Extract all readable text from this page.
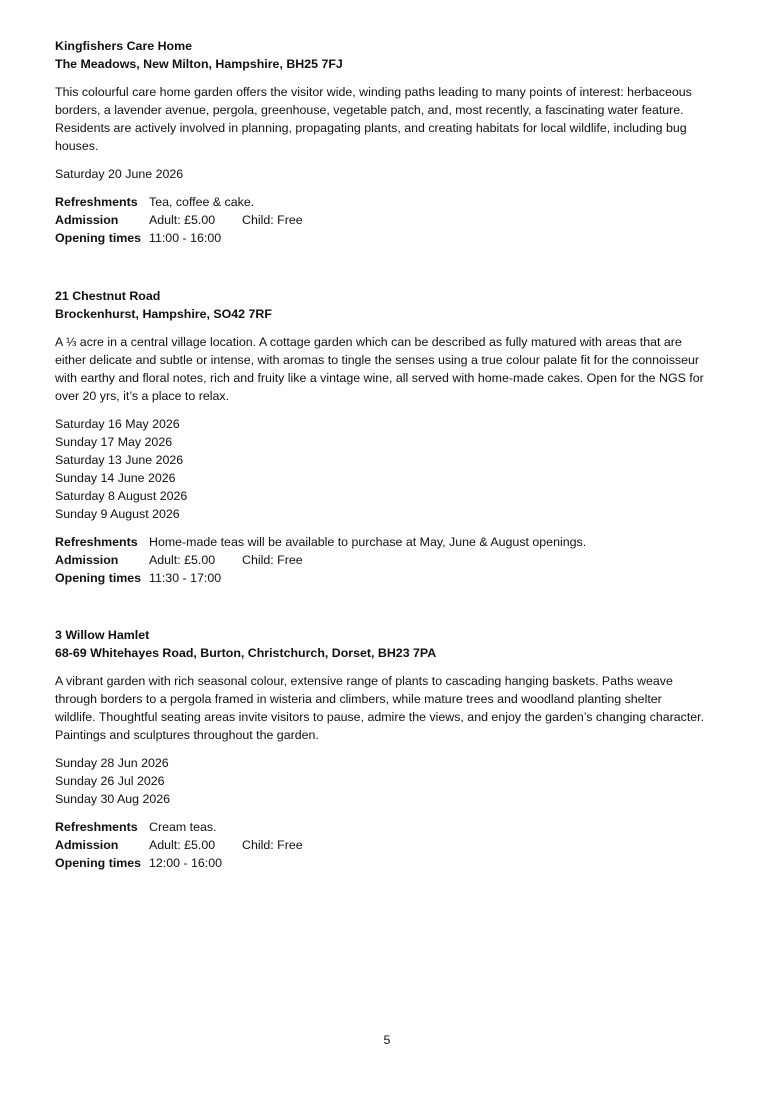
Kingfishers Care Home

The Meadows, New Milton, Hampshire, BH25 7FJ

This colourful care home garden offers the visitor wide, winding paths leading to many points of interest: herbaceous
borders, a lavender avenue, pergola, greenhouse, vegetable patch, and, most recently, a fascinating water feature.
Residents are actively involved in planning, propagating plants, and creating habitats for local wildlife, including bug
houses.

Saturday 20 June 2026

Refreshments Tea, coffee & cake.
Admission	Adult: £5.00	Child: Free
Opening times 11:00 - 16:00

21 Chestnut Road

Brockenhurst, Hampshire, SO42 7RF

A ⅓ acre in a central village location. A cottage garden which can be described as fully matured with areas that are
either delicate and subtle or intense, with aromas to tingle the senses using a true colour palate fit for the connoisseur
with earthy and floral notes, rich and fruity like a vintage wine, all served with home-made cakes. Open for the NGS for
over 20 yrs, it’s a place to relax.

Saturday 16 May 2026
Sunday 17 May 2026
Saturday 13 June 2026
Sunday 14 June 2026
Saturday 8 August 2026
Sunday 9 August 2026

Refreshments Home-made teas will be available to purchase at May, June & August openings.
Admission	Adult: £5.00	Child: Free
Opening times 11:30 - 17:00

3 Willow Hamlet

68-69 Whitehayes Road, Burton, Christchurch, Dorset, BH23 7PA

A vibrant garden with rich seasonal colour, extensive range of plants to cascading hanging baskets. Paths weave
through borders to a pergola framed in wisteria and climbers, while mature trees and woodland planting shelter
wildlife. Thoughtful seating areas invite visitors to pause, admire the views, and enjoy the garden’s changing character.
Paintings and sculptures throughout the garden.

Sunday 28 Jun 2026
Sunday 26 Jul 2026
Sunday 30 Aug 2026

Refreshments Cream teas.
Admission	Adult: £5.00	Child: Free
Opening times 12:00 - 16:00
5
